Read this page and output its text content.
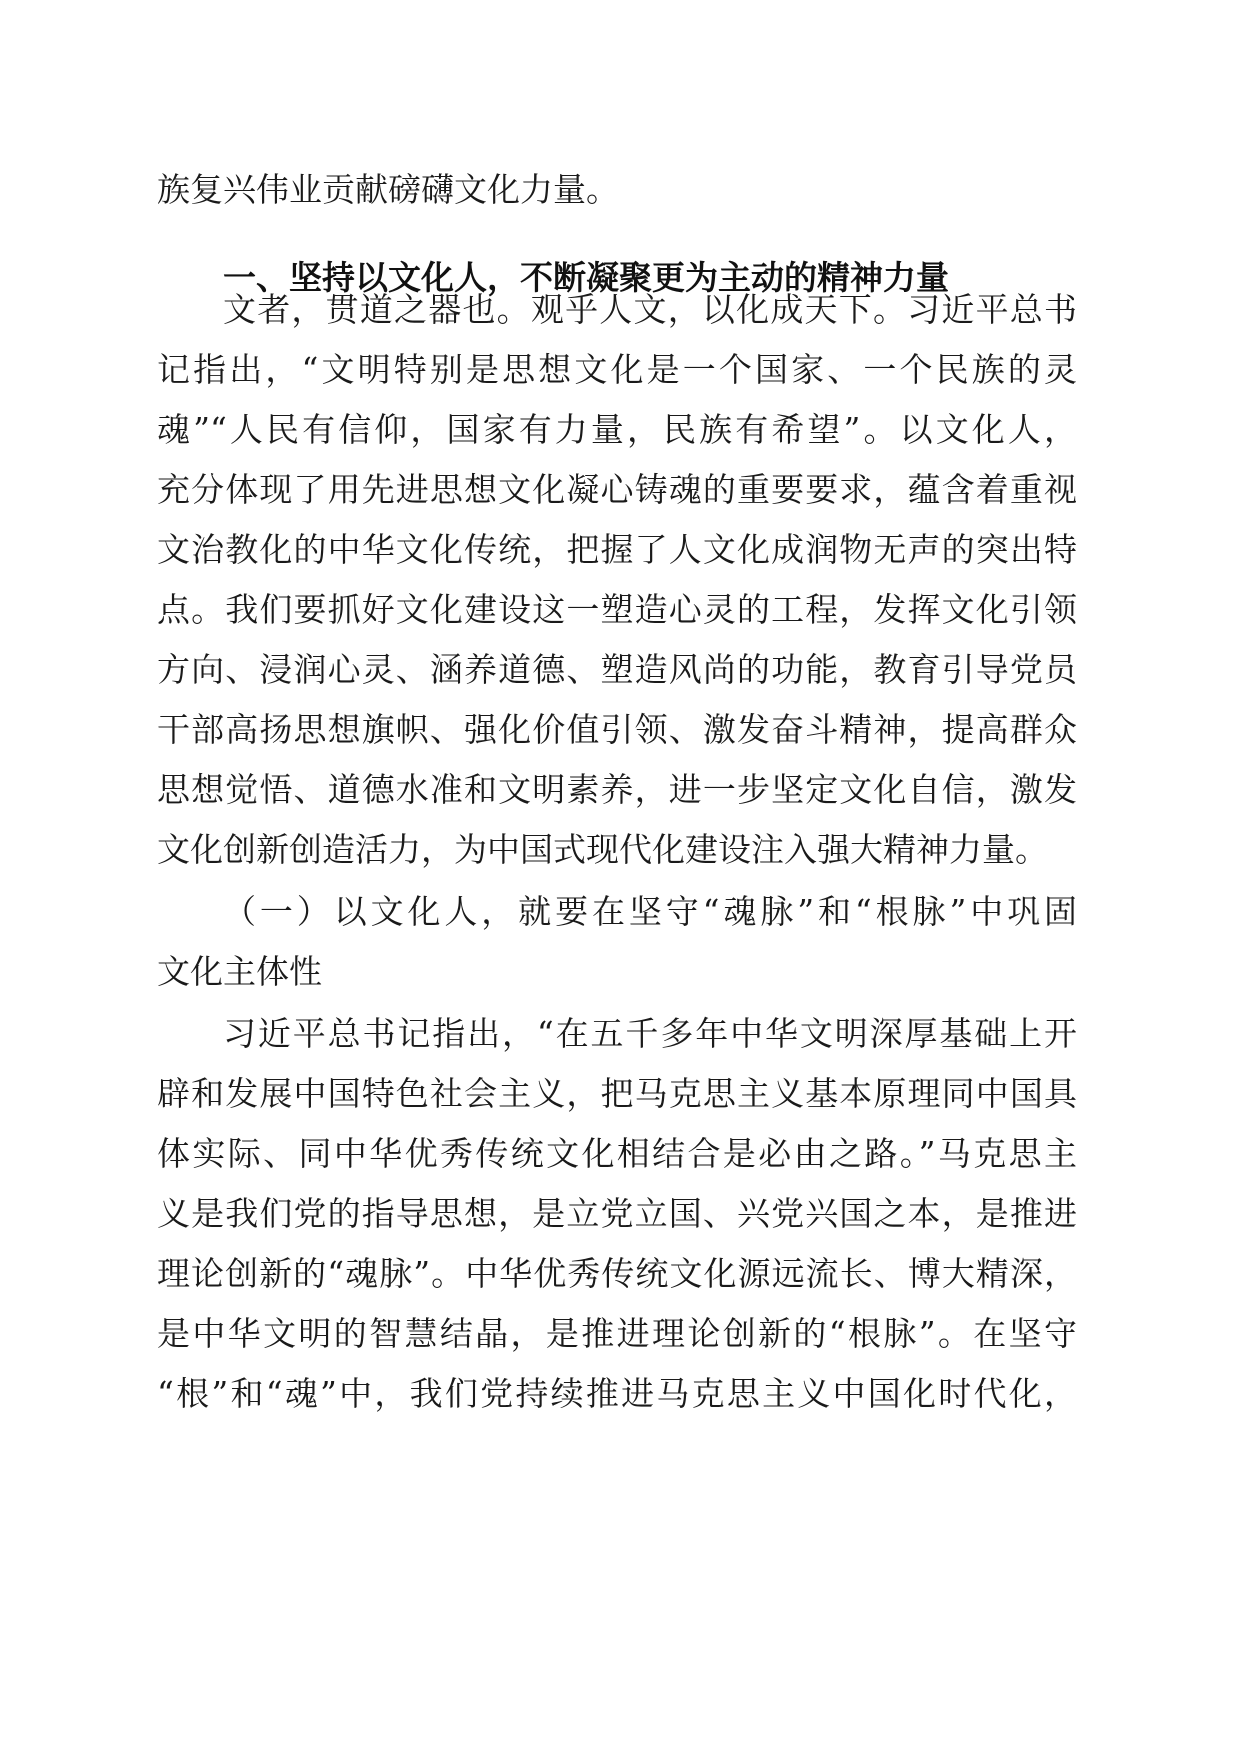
族复兴伟业贡献磅礴文化力量。
一、坚持以文化人，不断凝聚更为主动的精神力量
文者，贯道之器也。观乎人文，以化成天下。习近平总书
记指出，“文明特别是思想文化是一个国家、一个民族的灵
魂”“人民有信仰，国家有力量，民族有希望”。以文化人，
充分体现了用先进思想文化凝心铸魂的重要要求，蕴含着重视
文治教化的中华文化传统，把握了人文化成润物无声的突出特
点。我们要抓好文化建设这一塑造心灵的工程，发挥文化引领
方向、浸润心灵、涵养道德、塑造风尚的功能，教育引导党员
干部高扬思想旗帜、强化价值引领、激发奋斗精神，提高群众
思想觉悟、道德水准和文明素养，进一步坚定文化自信，激发
文化创新创造活力，为中国式现代化建设注入强大精神力量。
（一）以文化人，就要在坚守“魂脉”和“根脉”中巩固
文化主体性
习近平总书记指出，“在五千多年中华文明深厚基础上开
辟和发展中国特色社会主义，把马克思主义基本原理同中国具
体实际、同中华优秀传统文化相结合是必由之路。”马克思主
义是我们党的指导思想，是立党立国、兴党兴国之本，是推进
理论创新的“魂脉”。中华优秀传统文化源远流长、博大精深，
是中华文明的智慧结晶，是推进理论创新的“根脉”。在坚守
“根”和“魂”中，我们党持续推进马克思主义中国化时代化，
